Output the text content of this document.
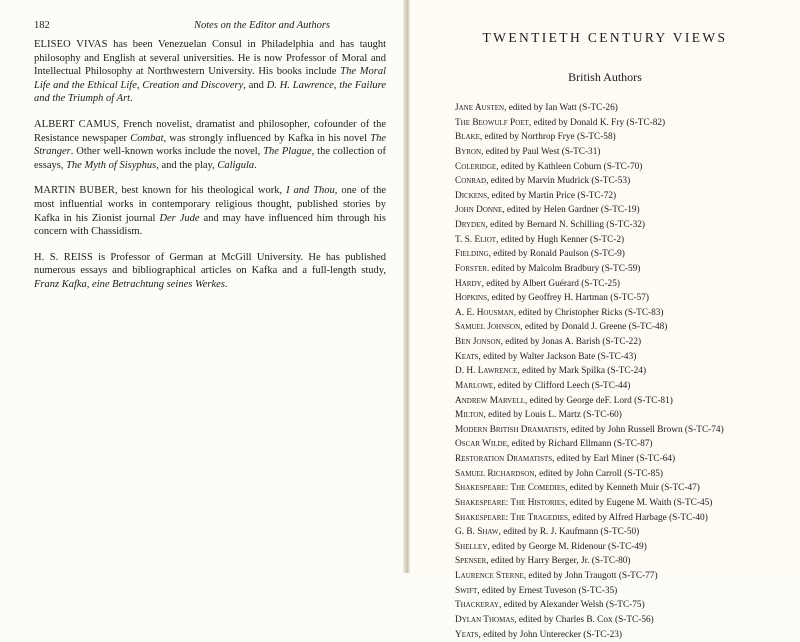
182	Notes on the Editor and Authors

ELISEO VIVAS has been Venezuelan Consul in Philadelphia and has taught philosophy and English at several universities. He is now Professor of Moral and Intellectual Philosophy at Northwestern University. His books include The Moral Life and the Ethical Life, Creation and Discovery, and D. H. Lawrence, the Failure and the Triumph of Art.

ALBERT CAMUS, French novelist, dramatist and philosopher, cofounder of the Resistance newspaper Combat, was strongly influenced by Kafka in his novel The Stranger. Other well-known works include the novel, The Plague, the collection of essays, The Myth of Sisyphus, and the play, Caligula.

MARTIN BUBER, best known for his theological work, I and Thou, one of the most influential works in contemporary religious thought, published stories by Kafka in his Zionist journal Der Jude and may have influenced him through his concern with Chassidism.

H. S. REISS is Professor of German at McGill University. He has published numerous essays and bibliographical articles on Kafka and a full-length study, Franz Kafka, eine Betrachtung seines Werkes.

TWENTIETH CENTURY VIEWS
British Authors
Jane Austen, edited by Ian Watt (S-TC-26)
The Beowulf Poet, edited by Donald K. Fry (S-TC-82)
Blake, edited by Northrop Frye (S-TC-58)
Byron, edited by Paul West (S-TC-31)
Coleridge, edited by Kathleen Coburn (S-TC-70)
Conrad, edited by Marvin Mudrick (S-TC-53)
Dickens, edited by Martin Price (S-TC-72)
John Donne, edited by Helen Gardner (S-TC-19)
Dryden, edited by Bernard N. Schilling (S-TC-32)
T. S. Eliot, edited by Hugh Kenner (S-TC-2)
Fielding, edited by Ronald Paulson (S-TC-9)
Forster. edited by Malcolm Bradbury (S-TC-59)
Hardy, edited by Albert Guérard (S-TC-25)
Hopkins, edited by Geoffrey H. Hartman (S-TC-57)
A. E. Housman, edited by Christopher Ricks (S-TC-83)
Samuel Johnson, edited by Donald J. Greene (S-TC-48)
Ben Jonson, edited by Jonas A. Barish (S-TC-22)
Keats, edited by Walter Jackson Bate (S-TC-43)
D. H. Lawrence, edited by Mark Spilka (S-TC-24)
Marlowe, edited by Clifford Leech (S-TC-44)
Andrew Marvell, edited by George deF. Lord (S-TC-81)
Milton, edited by Louis L. Martz (S-TC-60)
Modern British Dramatists, edited by John Russell Brown (S-TC-74)
Oscar Wilde, edited by Richard Ellmann (S-TC-87)
Restoration Dramatists, edited by Earl Miner (S-TC-64)
Samuel Richardson, edited by John Carroll (S-TC-85)
Shakespeare: The Comedies, edited by Kenneth Muir (S-TC-47)
Shakespeare: The Histories, edited by Eugene M. Waith (S-TC-45)
Shakespeare: The Tragedies, edited by Alfred Harbage (S-TC-40)
G. B. Shaw, edited by R. J. Kaufmann (S-TC-50)
Shelley, edited by George M. Ridenour (S-TC-49)
Spenser, edited by Harry Berger, Jr. (S-TC-80)
Laurence Sterne, edited by John Traugott (S-TC-77)
Swift, edited by Ernest Tuveson (S-TC-35)
Thackeray, edited by Alexander Welsh (S-TC-75)
Dylan Thomas, edited by Charles B. Cox (S-TC-56)
Yeats, edited by John Unterecker (S-TC-23)
